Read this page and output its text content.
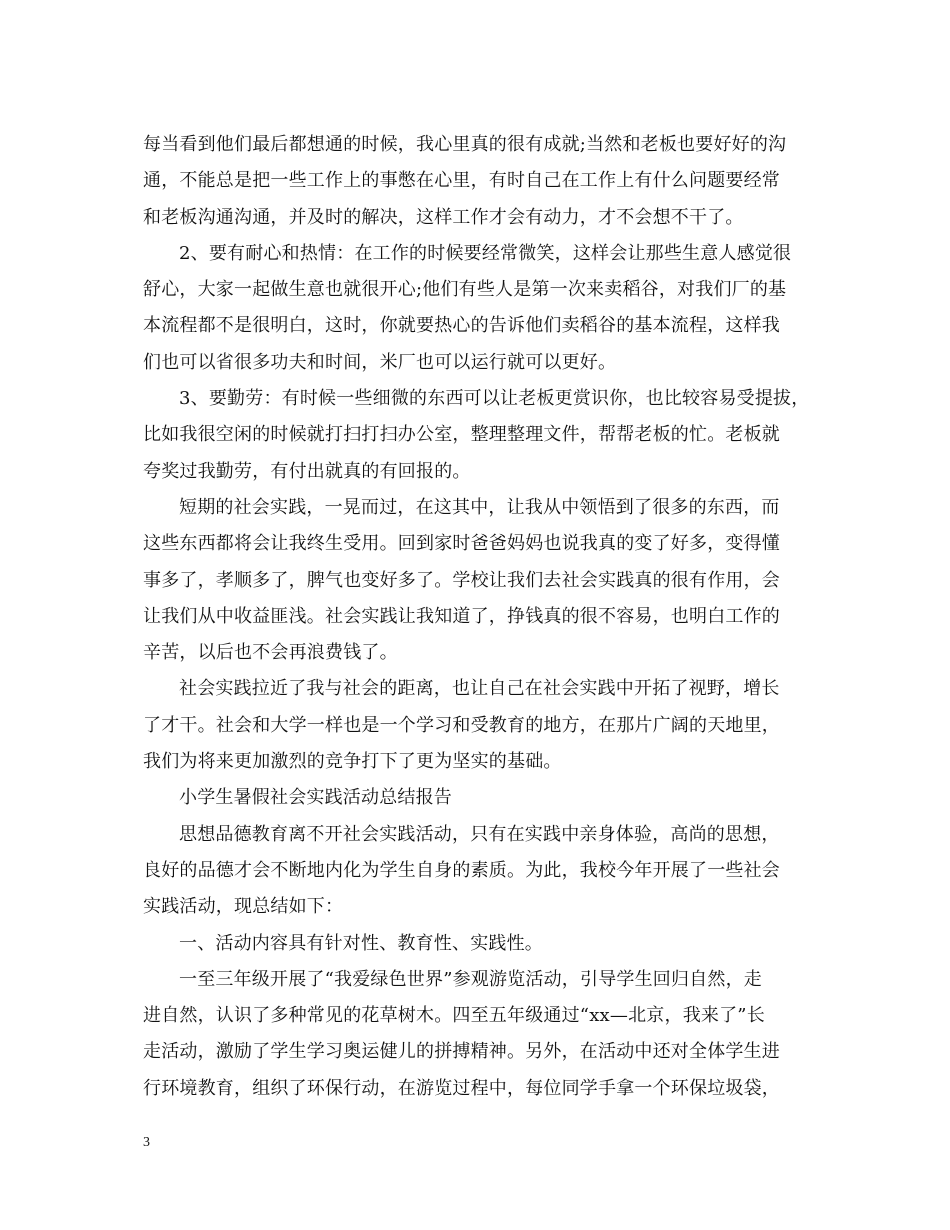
每当看到他们最后都想通的时候，我心里真的很有成就;当然和老板也要好好的沟
通，不能总是把一些工作上的事憋在心里，有时自己在工作上有什么问题要经常
和老板沟通沟通，并及时的解决，这样工作才会有动力，才不会想不干了。
2、要有耐心和热情：在工作的时候要经常微笑，这样会让那些生意人感觉很
舒心，大家一起做生意也就很开心;他们有些人是第一次来卖稻谷，对我们厂的基
本流程都不是很明白，这时，你就要热心的告诉他们卖稻谷的基本流程，这样我
们也可以省很多功夫和时间，米厂也可以运行就可以更好。
3、要勤劳：有时候一些细微的东西可以让老板更赏识你，也比较容易受提拔，
比如我很空闲的时候就打扫打扫办公室，整理整理文件，帮帮老板的忙。老板就
夸奖过我勤劳，有付出就真的有回报的。
短期的社会实践，一晃而过，在这其中，让我从中领悟到了很多的东西，而
这些东西都将会让我终生受用。回到家时爸爸妈妈也说我真的变了好多，变得懂
事多了，孝顺多了，脾气也变好多了。学校让我们去社会实践真的很有作用，会
让我们从中收益匪浅。社会实践让我知道了，挣钱真的很不容易，也明白工作的
辛苦，以后也不会再浪费钱了。
社会实践拉近了我与社会的距离，也让自己在社会实践中开拓了视野，增长
了才干。社会和大学一样也是一个学习和受教育的地方，在那片广阔的天地里，
我们为将来更加激烈的竞争打下了更为坚实的基础。
小学生暑假社会实践活动总结报告
思想品德教育离不开社会实践活动，只有在实践中亲身体验，高尚的思想，
良好的品德才会不断地内化为学生自身的素质。为此，我校今年开展了一些社会
实践活动，现总结如下：
一、活动内容具有针对性、教育性、实践性。
一至三年级开展了“我爱绿色世界”参观游览活动，引导学生回归自然，走
进自然，认识了多种常见的花草树木。四至五年级通过“xx—北京，我来了”长
走活动，激励了学生学习奥运健儿的拼搏精神。另外，在活动中还对全体学生进
行环境教育，组织了环保行动，在游览过程中，每位同学手拿一个环保垃圾袋，
3
